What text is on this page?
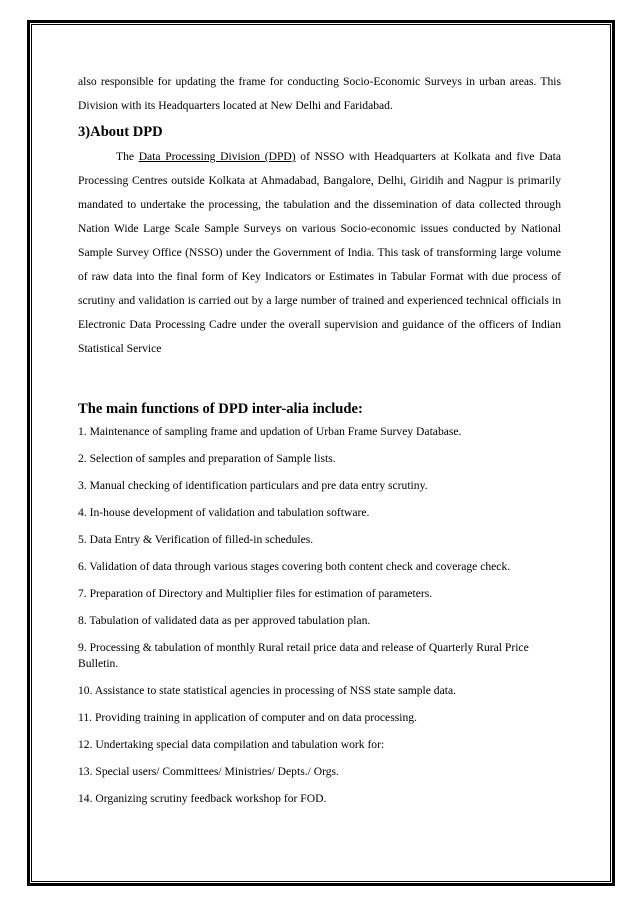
also responsible for updating the frame for conducting Socio-Economic Surveys in urban areas. This Division with its Headquarters located at New Delhi and Faridabad.

3)About DPD

The Data Processing Division (DPD) of NSSO with Headquarters at Kolkata and five Data Processing Centres outside Kolkata at Ahmadabad, Bangalore, Delhi, Giridih and Nagpur is primarily mandated to undertake the processing, the tabulation and the dissemination of data collected through Nation Wide Large Scale Sample Surveys on various Socio-economic issues conducted by National Sample Survey Office (NSSO) under the Government of India. This task of transforming large volume of raw data into the final form of Key Indicators or Estimates in Tabular Format with due process of scrutiny and validation is carried out by a large number of trained and experienced technical officials in Electronic Data Processing Cadre under the overall supervision and guidance of the officers of Indian Statistical Service

The main functions of DPD inter-alia include:
1. Maintenance of sampling frame and updation of Urban Frame Survey Database.
2. Selection of samples and preparation of Sample lists.
3. Manual checking of identification particulars and pre data entry scrutiny.
4. In-house development of validation and tabulation software.
5. Data Entry & Verification of filled-in schedules.
6. Validation of data through various stages covering both content check and coverage check.
7. Preparation of Directory and Multiplier files for estimation of parameters.
8. Tabulation of validated data as per approved tabulation plan.
9. Processing & tabulation of monthly Rural retail price data and release of Quarterly Rural Price Bulletin.
10. Assistance to state statistical agencies in processing of NSS state sample data.
11. Providing training in application of computer and on data processing.
12. Undertaking special data compilation and tabulation work for:
13. Special users/ Committees/ Ministries/ Depts./ Orgs.
14. Organizing scrutiny feedback workshop for FOD.
